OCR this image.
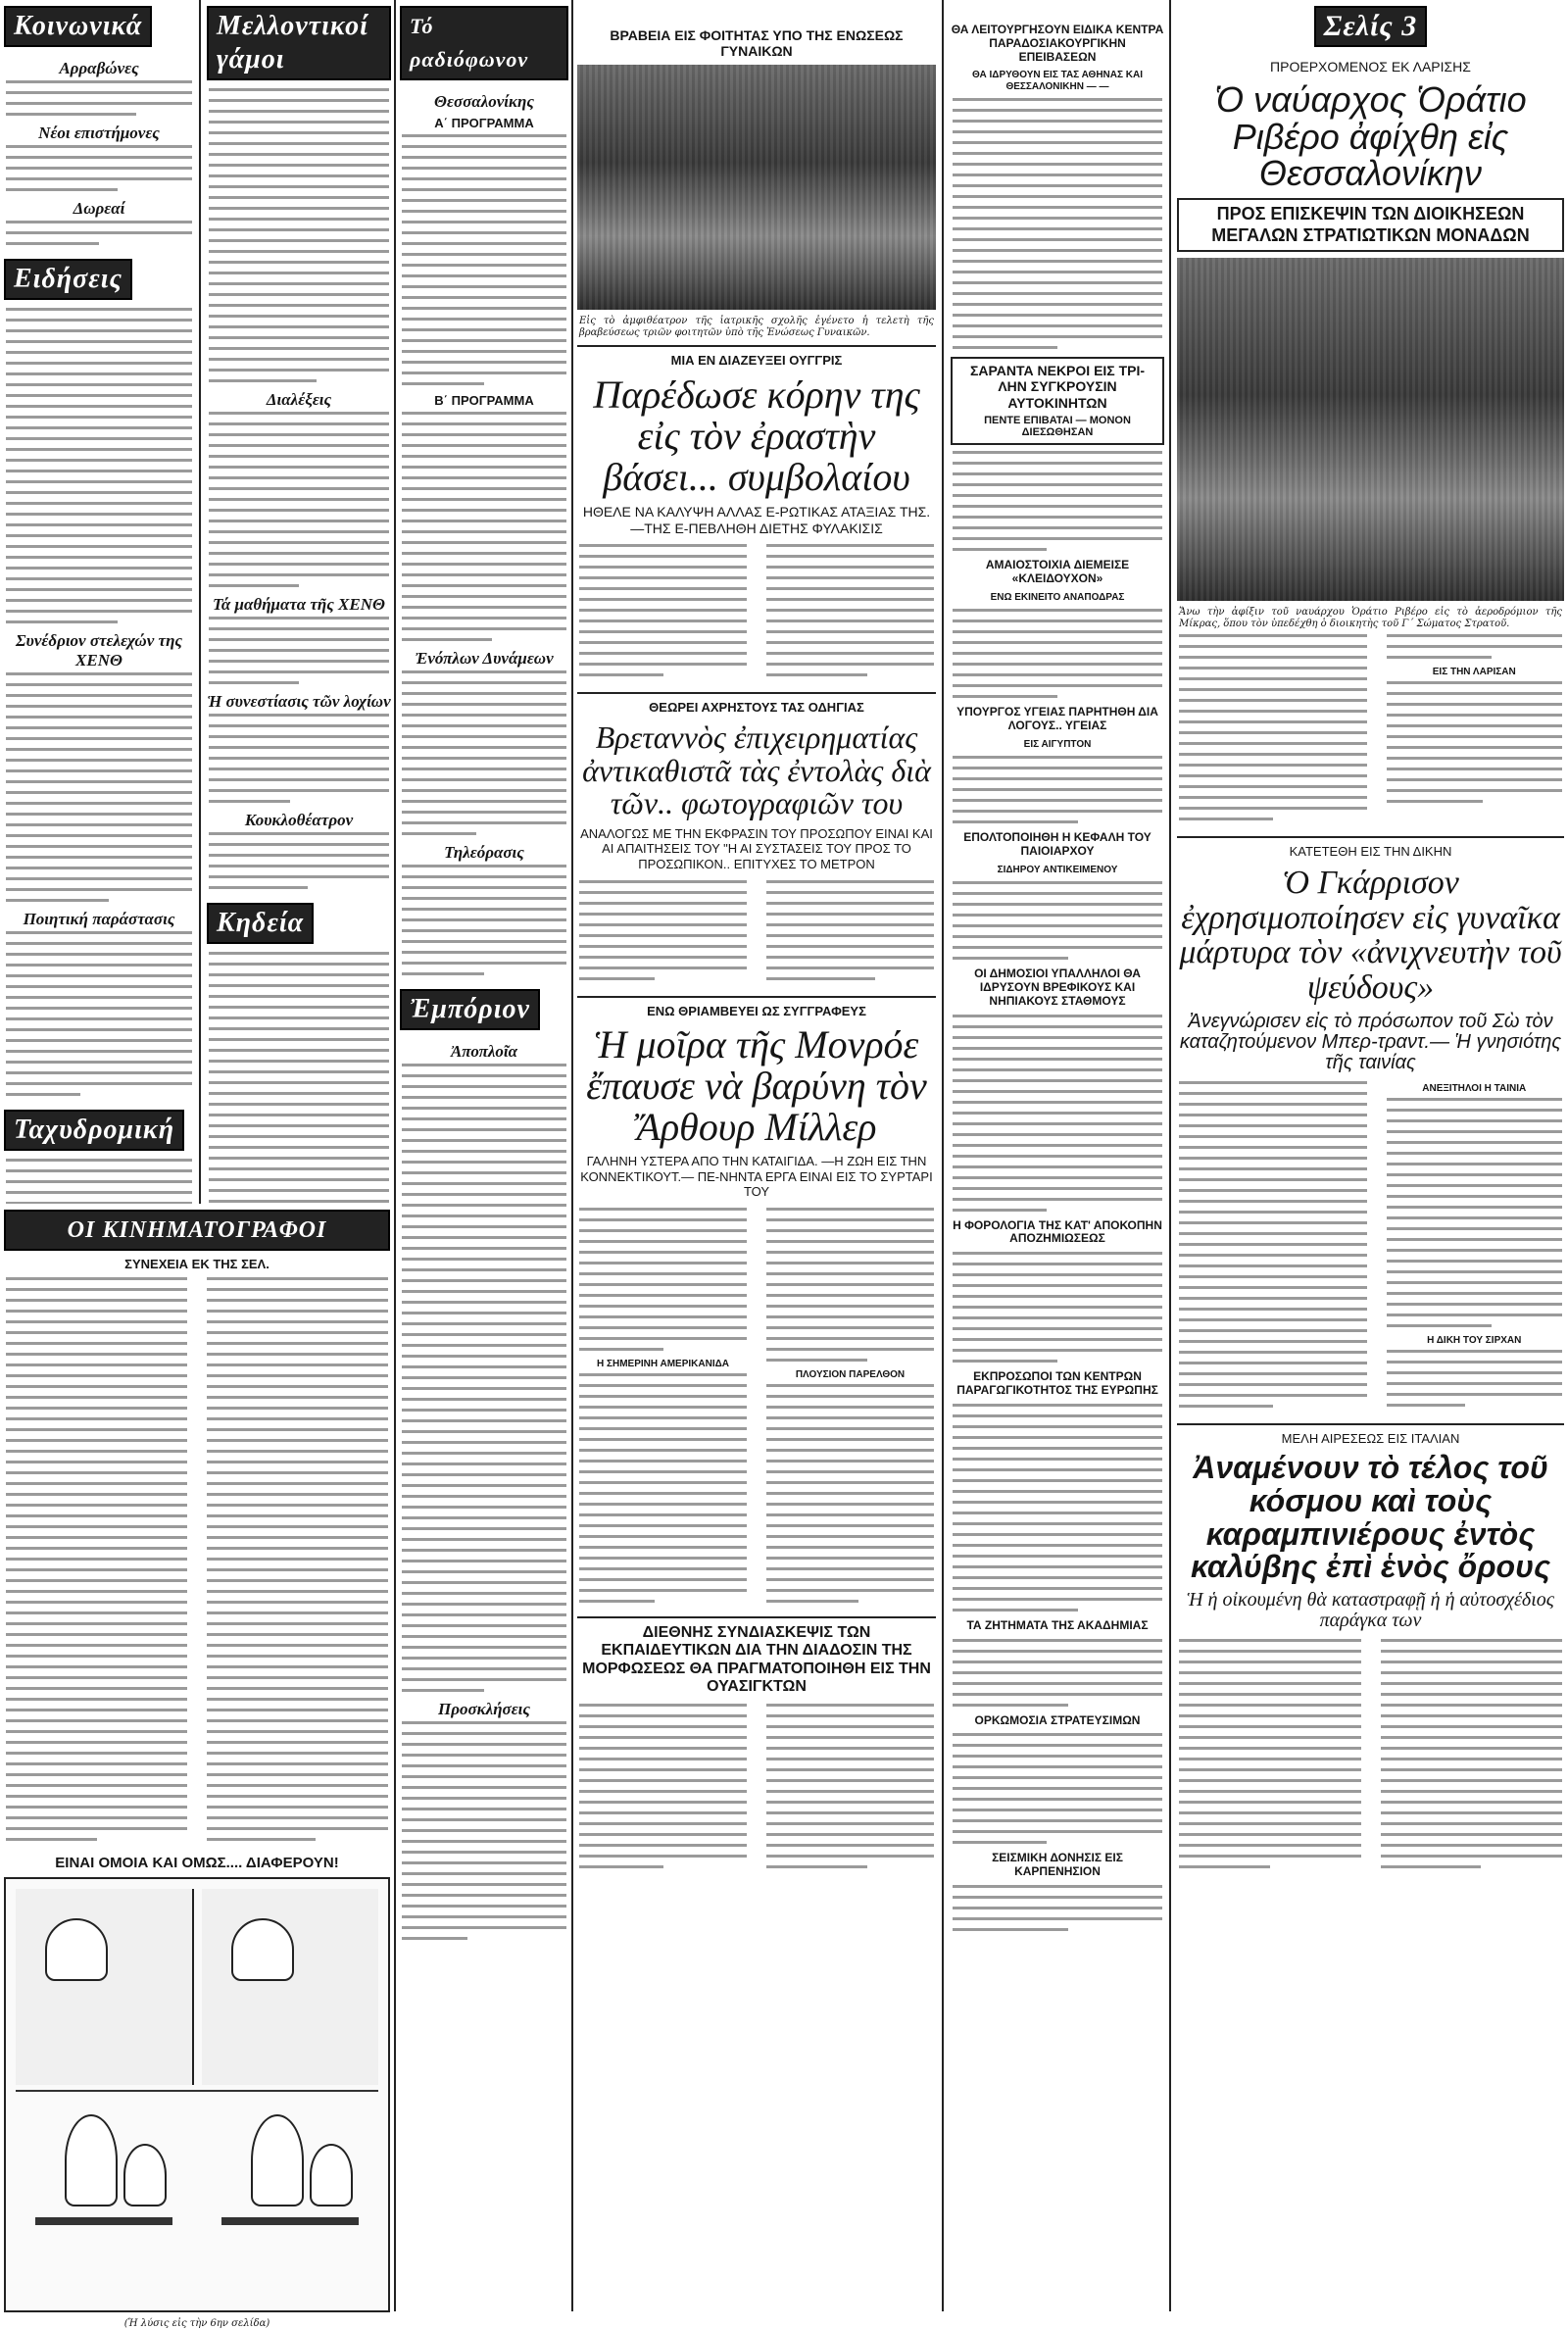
Κοινωνικά
Αρραβώνες
Νέοι επιστήμονες
Δωρεαί
Ειδήσεις
Συνέδριον στελεχών της ΧΕΝΘ
Ποιητική παράστασις
Ταχυδρομική
Μελλοντικοί γάμοι
Διαλέξεις
Τά μαθήματα τῆς ΧΕΝΘ
Ἡ συνεστίασις τῶν λοχίων
Κουκλοθέατρον
Κηδεία
ΟΙ ΚΙΝΗΜΑΤΟΓΡΑΦΟΙ
ΣΥΝΕΧΕΙΑ ΕΚ ΤΗΣ ΣΕΛ.
ΕΙΝΑΙ ΟΜΟΙΑ ΚΑΙ ΟΜΩΣ.... ΔΙΑΦΕΡΟΥΝ!
(Ἡ λύσις εἰς τὴν 6ην σελίδα)
Τό ραδιόφωνον
Θεσσαλονίκης
Α΄ ΠΡΟΓΡΑΜΜΑ
Β΄ ΠΡΟΓΡΑΜΜΑ
Ἐνόπλων Δυνάμεων
Τηλεόρασις
Ἐμπόριον
Ἀποπλοῖα
Προσκλήσεις
ΒΡΑΒΕΙΑ ΕΙΣ ΦΟΙΤΗΤΑΣ ΥΠΟ ΤΗΣ ΕΝΩΣΕΩΣ ΓΥΝΑΙΚΩΝ
Εἰς τὸ ἀμφιθέατρον τῆς ἰατρικῆς σχολῆς ἐγένετο ἡ τελετὴ τῆς βραβεύσεως τριῶν φοιτητῶν ὑπὸ τῆς Ἑνώσεως Γυναικῶν.
ΜΙΑ ΕΝ ΔΙΑΖΕΥΞΕΙ ΟΥΓΓΡΙΣ
Παρέδωσε κόρην της εἰς τὸν ἐραστὴν βάσει... συμβολαίου
ΗΘΕΛΕ ΝΑ ΚΑΛΥΨΗ ΑΛΛΑΣ Ε-ΡΩΤΙΚΑΣ ΑΤΑΞΙΑΣ ΤΗΣ.—ΤΗΣ Ε-ΠΕΒΛΗΘΗ ΔΙΕΤΗΣ ΦΥΛΑΚΙΣΙΣ
ΘΕΩΡΕΙ ΑΧΡΗΣΤΟΥΣ ΤΑΣ ΟΔΗΓΙΑΣ
Βρεταννὸς ἐπιχειρηματίας ἀντικαθιστᾶ τὰς ἐντολὰς διὰ τῶν.. φωτογραφιῶν του
ΑΝΑΛΟΓΩΣ ΜΕ ΤΗΝ ΕΚΦΡΑΣΙΝ ΤΟΥ ΠΡΟΣΩΠΟΥ ΕΙΝΑΙ ΚΑΙ ΑΙ ΑΠΑΙΤΗΣΕΙΣ ΤΟΥ "Η ΑΙ ΣΥΣΤΑΣΕΙΣ ΤΟΥ ΠΡΟΣ ΤΟ ΠΡΟΣΩΠΙΚΟΝ.. ΕΠΙΤΥΧΕΣ ΤΟ ΜΕΤΡΟΝ
ΕΝΩ ΘΡΙΑΜΒΕΥΕΙ ΩΣ ΣΥΓΓΡΑΦΕΥΣ
Ἡ μοῖρα τῆς Μονρόε ἔπαυσε νὰ βαρύνη τὸν Ἄρθουρ Μίλλερ
ΓΑΛΗΝΗ ΥΣΤΕΡΑ ΑΠΟ ΤΗΝ ΚΑΤΑΙΓΙΔΑ. —Η ΖΩΗ ΕΙΣ ΤΗΝ ΚΟΝΝΕΚΤΙΚΟΥΤ.— ΠΕ-ΝΗΝΤΑ ΕΡΓΑ ΕΙΝΑΙ ΕΙΣ ΤΟ ΣΥΡΤΑΡΙ ΤΟΥ
Η ΣΗΜΕΡΙΝΗ ΑΜΕΡΙΚΑΝΙΔΑ
ΠΛΟΥΣΙΟΝ ΠΑΡΕΛΘΟΝ
ΔΙΕΘΝΗΣ ΣΥΝΔΙΑΣΚΕΨΙΣ ΤΩΝ ΕΚΠΑΙΔΕΥΤΙΚΩΝ ΔΙΑ ΤΗΝ ΔΙΑΔΟΣΙΝ ΤΗΣ ΜΟΡΦΩΣΕΩΣ ΘΑ ΠΡΑΓΜΑΤΟΠΟΙΗΘΗ ΕΙΣ ΤΗΝ ΟΥΑΣΙΓΚΤΩΝ
ΘΑ ΛΕΙΤΟΥΡΓΗΣΟΥΝ ΕΙΔΙΚΑ ΚΕΝΤΡΑ ΠΑΡΑΔΟΣΙΑΚΟΥΡΓΙΚΗΝ ΕΠΕΙΒΑΣΕΩΝ
ΘΑ ΙΔΡΥΘΟΥΝ ΕΙΣ ΤΑΣ ΑΘΗΝΑΣ ΚΑΙ ΘΕΣΣΑΛΟΝΙΚΗΝ — —
ΣΑΡΑΝΤΑ ΝΕΚΡΟΙ ΕΙΣ ΤΡΙ-ΛΗΝ ΣΥΓΚΡΟΥΣΙΝ ΑΥΤΟΚΙΝΗΤΩΝ
ΠΕΝΤΕ ΕΠΙΒΑΤΑΙ — ΜΟΝΟΝ ΔΙΕΣΩΘΗΣΑΝ
ΑΜΑΙΟΣΤΟΙΧΙΑ ΔΙΕΜΕΙΣΕ «ΚΛΕΙΔΟΥΧΟΝ»
ΕΝΩ ΕΚΙΝΕΙΤΟ ΑΝΑΠΟΔΡΑΣ
ΥΠΟΥΡΓΟΣ ΥΓΕΙΑΣ ΠΑΡΗΤΗΘΗ ΔΙΑ ΛΟΓΟΥΣ.. ΥΓΕΙΑΣ
ΕΙΣ ΑΙΓΥΠΤΟΝ
ΕΠΟΛΤΟΠΟΙΗΘΗ Η ΚΕΦΑΛΗ ΤΟΥ ΠΑΙΟΙΑΡΧΟΥ
ΣΙΔΗΡΟΥ ΑΝΤΙΚΕΙΜΕΝΟΥ
ΟΙ ΔΗΜΟΣΙΟΙ ΥΠΑΛΛΗΛΟΙ ΘΑ ΙΔΡΥΣΟΥΝ ΒΡΕΦΙΚΟΥΣ ΚΑΙ ΝΗΠΙΑΚΟΥΣ ΣΤΑΘΜΟΥΣ
Η ΦΟΡΟΛΟΓΙΑ ΤΗΣ ΚΑΤ' ΑΠΟΚΟΠΗΝ ΑΠΟΖΗΜΙΩΣΕΩΣ
ΕΚΠΡΟΣΩΠΟΙ ΤΩΝ ΚΕΝΤΡΩΝ ΠΑΡΑΓΩΓΙΚΟΤΗΤΟΣ ΤΗΣ ΕΥΡΩΠΗΣ
ΤΑ ΖΗΤΗΜΑΤΑ ΤΗΣ ΑΚΑΔΗΜΙΑΣ
ΟΡΚΩΜΟΣΙΑ ΣΤΡΑΤΕΥΣΙΜΩΝ
ΣΕΙΣΜΙΚΗ ΔΟΝΗΣΙΣ ΕΙΣ ΚΑΡΠΕΝΗΣΙΟΝ
Σελίς 3
ΠΡΟΕΡΧΟΜΕΝΟΣ ΕΚ ΛΑΡΙΣΗΣ
Ὁ ναύαρχος Ὁράτιο Ριβέρο ἀφίχθη εἰς Θεσσαλονίκην
ΠΡΟΣ ΕΠΙΣΚΕΨΙΝ ΤΩΝ ΔΙΟΙΚΗΣΕΩΝ ΜΕΓΑΛΩΝ ΣΤΡΑΤΙΩΤΙΚΩΝ ΜΟΝΑΔΩΝ
Ἄνω τὴν ἀφίξιν τοῦ ναυάρχου Ὁράτιο Ριβέρο εἰς τὸ ἀεροδρόμιον τῆς Μίκρας, ὅπου τὸν ὑπεδέχθη ὁ διοικητὴς τοῦ Γ΄ Σώματος Στρατοῦ.
ΕΙΣ ΤΗΝ ΛΑΡΙΣΑΝ
ΚΑΤΕΤΕΘΗ ΕΙΣ ΤΗΝ ΔΙΚΗΝ
Ὁ Γκάρρισον ἐχρησιμοποίησεν εἰς γυναῖκα μάρτυρα τὸν «ἀνιχνευτὴν τοῦ ψεύδους»
Ἀνεγνώρισεν εἰς τὸ πρόσωπον τοῦ Σὼ τὸν καταζητούμενον Μπερ-τραντ.— Ἡ γνησιότης τῆς ταινίας
ΑΝΕΞΙΤΗΛΟΙ Η ΤΑΙΝΙΑ
Η ΔΙΚΗ ΤΟΥ ΣΙΡΧΑΝ
ΜΕΛΗ ΑΙΡΕΣΕΩΣ ΕΙΣ ΙΤΑΛΙΑΝ
Ἀναμένουν τὸ τέλος τοῦ κόσμου καὶ τοὺς καραμπινιέρους ἐντὸς καλύβης ἐπὶ ἑνὸς ὄρους
Ἡ ἡ οἰκουμένη θὰ καταστραφῇ ἡ ἡ αὐτοσχέδιος παράγκα των
